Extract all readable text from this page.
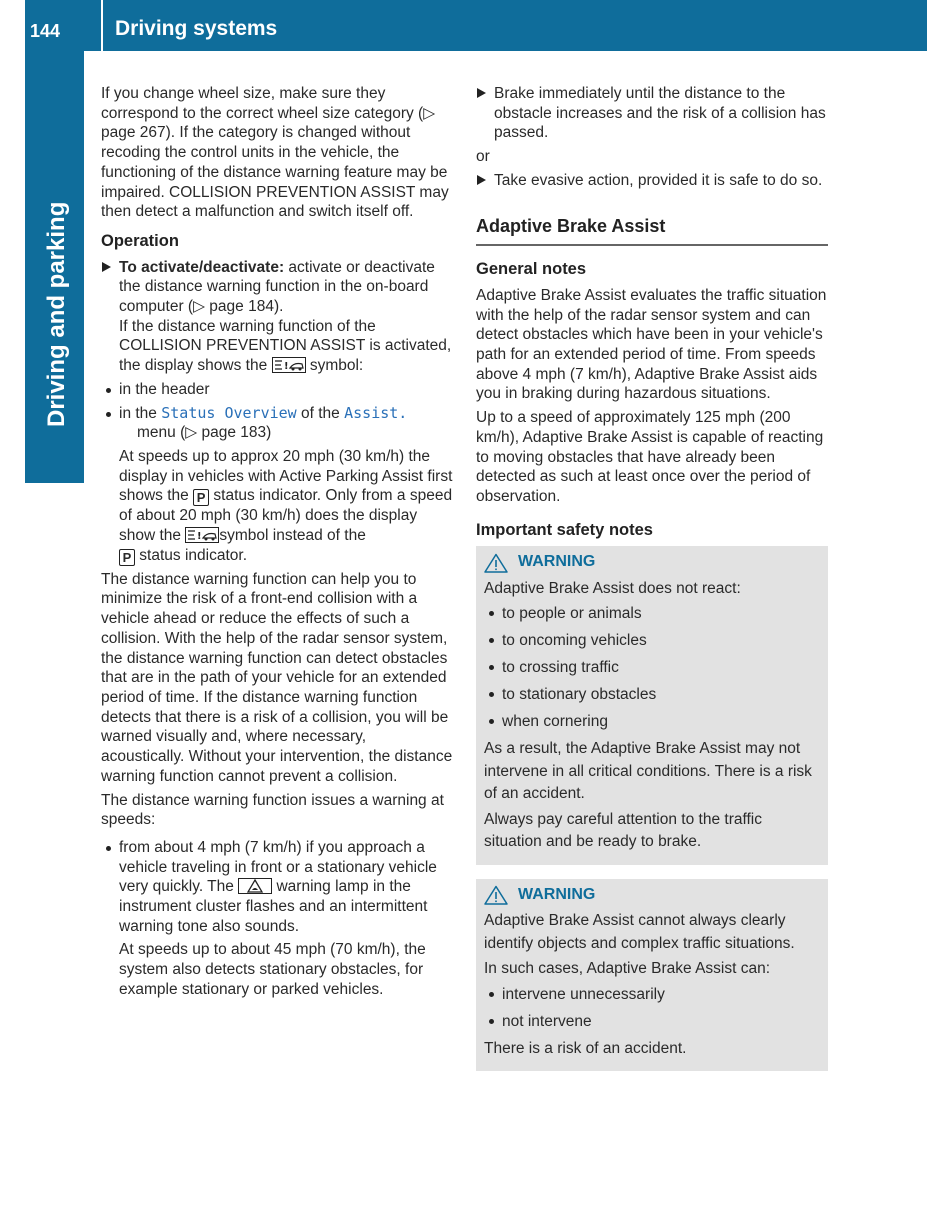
144	Driving systems
Driving and parking

If you change wheel size, make sure they correspond to the correct wheel size category (▷ page 267). If the category is changed without recoding the control units in the vehicle, the functioning of the distance warning feature may be impaired. COLLISION PREVENTION ASSIST may then detect a malfunction and switch itself off.

Operation
To activate/deactivate: activate or deactivate the distance warning function in the on-board computer (▷ page 184).
If the distance warning function of the COLLISION PREVENTION ASSIST is activated, the display shows the ! symbol:
in the header
in the Status Overview of the Assist.
menu (▷ page 183)

At speeds up to approx 20 mph (30 km/h) the display in vehicles with Active Parking Assist first shows the P status indicator. Only from a speed of about 20 mph (30 km/h) does the display show the ! symbol instead of the
P status indicator.

The distance warning function can help you to minimize the risk of a front-end collision with a vehicle ahead or reduce the effects of such a collision. With the help of the radar sensor system, the distance warning function can detect obstacles that are in the path of your vehicle for an extended period of time. If the distance warning function detects that there is a risk of a collision, you will be warned visually and, where necessary, acoustically. Without your intervention, the distance warning function cannot prevent a collision.

The distance warning function issues a warning at speeds:

from about 4 mph (7 km/h) if you approach a vehicle traveling in front or a stationary vehicle very quickly. The  warning lamp in the instrument cluster flashes and an intermittent warning tone also sounds.

At speeds up to about 45 mph (70 km/h), the system also detects stationary obstacles, for example stationary or parked vehicles.

Brake immediately until the distance to the obstacle increases and the risk of a collision has passed.
or
Take evasive action, provided it is safe to do so.
Adaptive Brake Assist
General notes

Adaptive Brake Assist evaluates the traffic situation with the help of the radar sensor system and can detect obstacles which have been in your vehicle's path for an extended period of time. From speeds above 4 mph (7 km/h), Adaptive Brake Assist aids you in braking during hazardous situations.

Up to a speed of approximately 125 mph (200 km/h), Adaptive Brake Assist is capable of reacting to moving obstacles that have already been detected as such at least once over the period of observation.

Important safety notes
WARNING

Adaptive Brake Assist does not react:

to people or animals
to oncoming vehicles
to crossing traffic
to stationary obstacles
when cornering

As a result, the Adaptive Brake Assist may not intervene in all critical conditions. There is a risk of an accident.

Always pay careful attention to the traffic situation and be ready to brake.

WARNING

Adaptive Brake Assist cannot always clearly identify objects and complex traffic situations.

In such cases, Adaptive Brake Assist can:

intervene unnecessarily
not intervene

There is a risk of an accident.
